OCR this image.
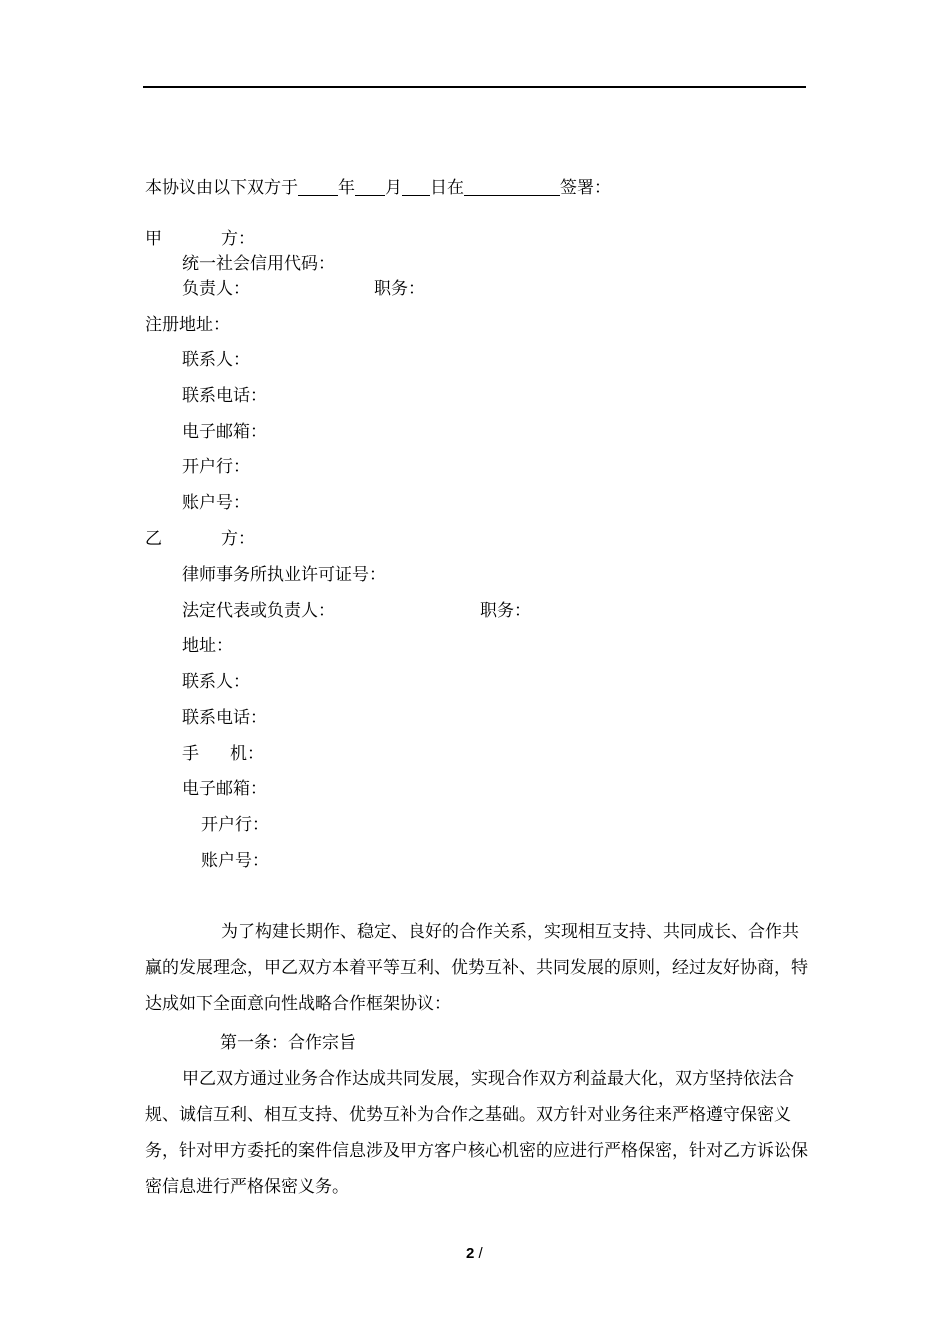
本协议由以下双方于 年 月 日在	签署：
甲	方：
统一社会信用代码：
负责人：	职务：
注册地址：
联系人：
联系电话：
电子邮箱：
开户行：
账户号：
乙	方：
律师事务所执业许可证号：
法定代表或负责人：	职务：
地址：
联系人：
联系电话：
手 机：
电子邮箱：
开户行：
账户号：
为了构建长期作、稳定、良好的合作关系，实现相互支持、共同成长、合作共赢的发展理念，甲乙双方本着平等互利、优势互补、共同发展的原则，经过友好协商，特达成如下全面意向性战略合作框架协议：
第一条：合作宗旨
甲乙双方通过业务合作达成共同发展，实现合作双方利益最大化，双方坚持依法合规、诚信互利、相互支持、优势互补为合作之基础。双方针对业务往来严格遵守保密义务，针对甲方委托的案件信息涉及甲方客户核心机密的应进行严格保密，针对乙方诉讼保密信息进行严格保密义务。
2 /
